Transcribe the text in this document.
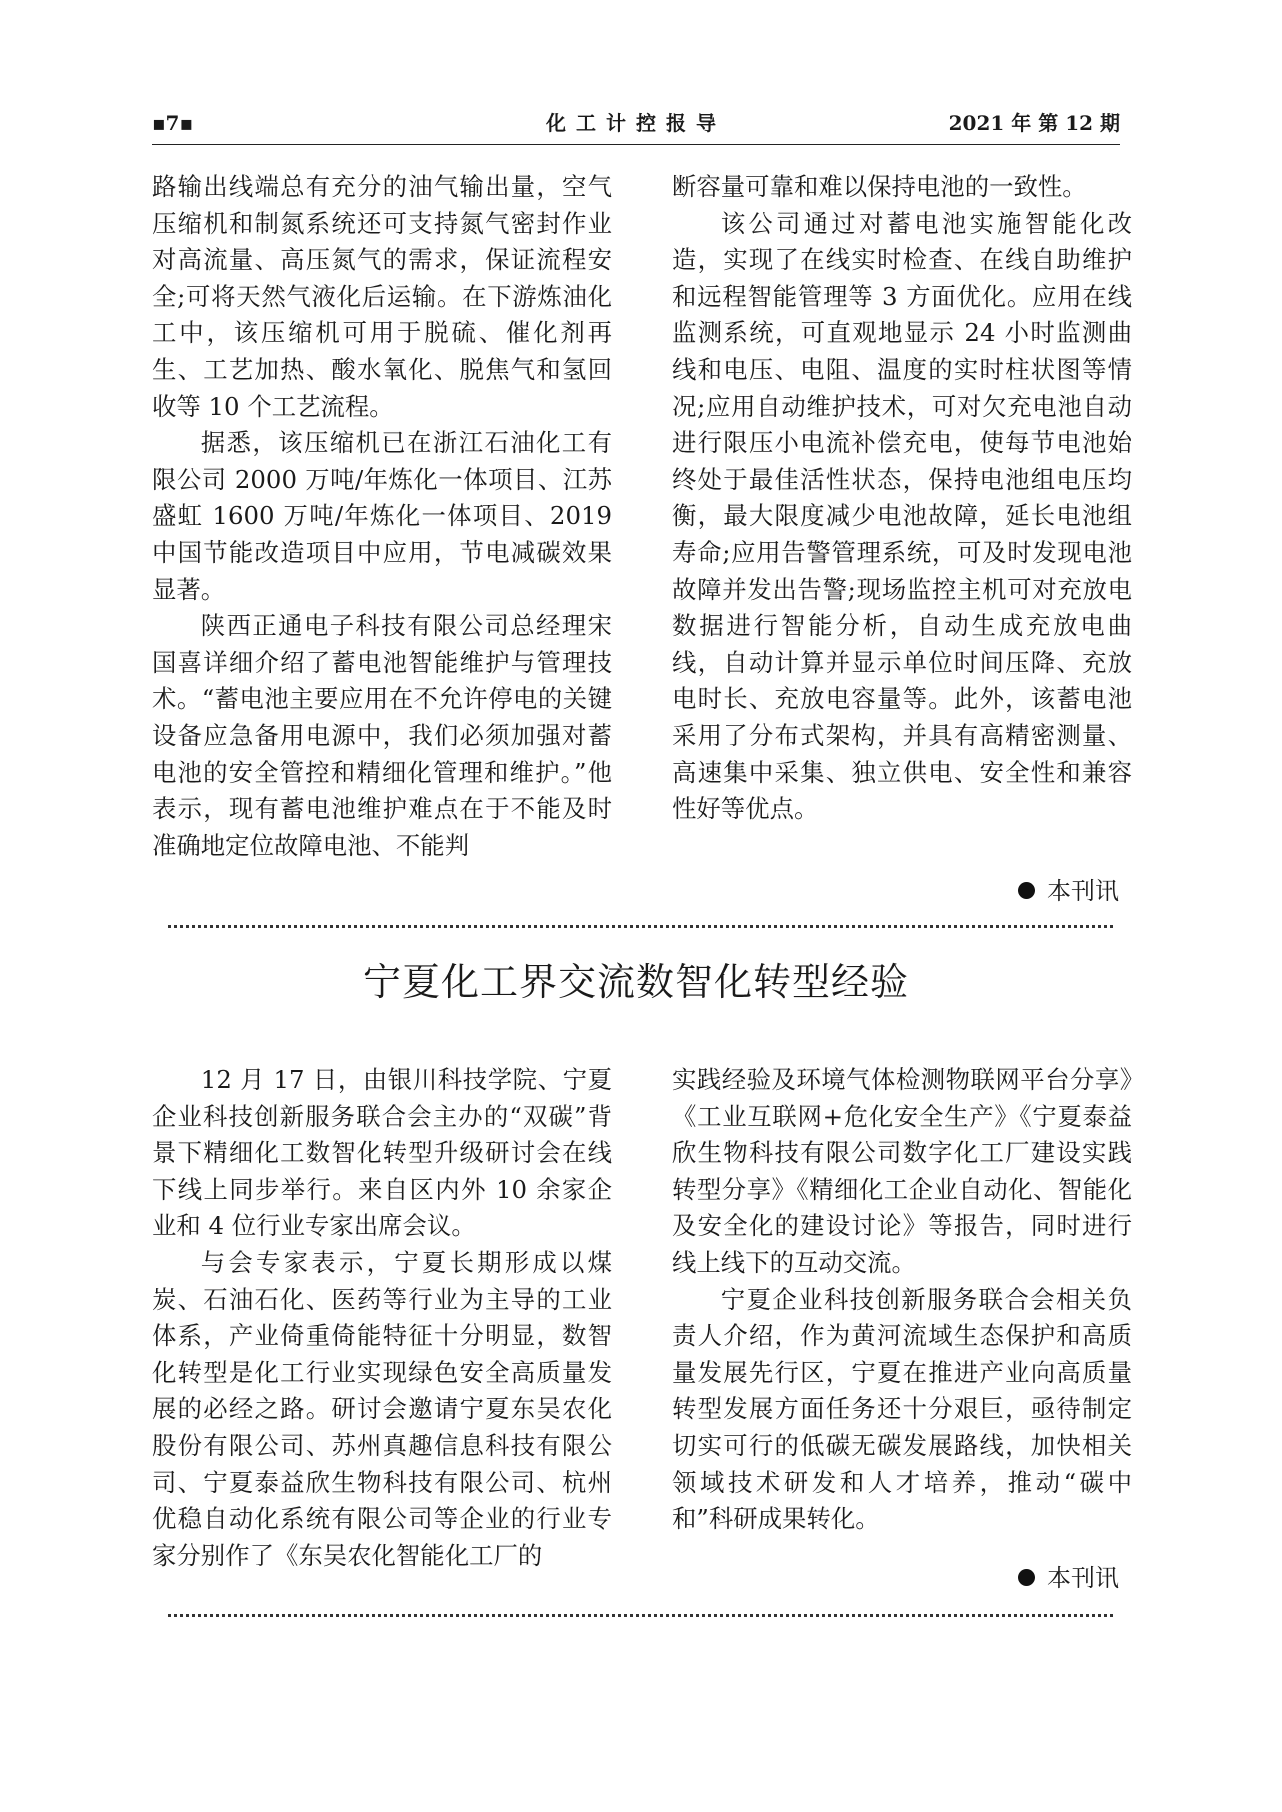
▪7▪	化工计控报导	2021 年 第 12 期

路输出线端总有充分的油气输出量，空气压缩机和制氮系统还可支持氮气密封作业对高流量、高压氮气的需求，保证流程安全;可将天然气液化后运输。在下游炼油化工中，该压缩机可用于脱硫、催化剂再生、工艺加热、酸水氧化、脱焦气和氢回收等 10 个工艺流程。

据悉，该压缩机已在浙江石油化工有限公司 2000 万吨/年炼化一体项目、江苏盛虹 1600 万吨/年炼化一体项目、2019 中国节能改造项目中应用，节电减碳效果显著。

陕西正通电子科技有限公司总经理宋国喜详细介绍了蓄电池智能维护与管理技术。“蓄电池主要应用在不允许停电的关键设备应急备用电源中，我们必须加强对蓄电池的安全管控和精细化管理和维护。”他表示，现有蓄电池维护难点在于不能及时准确地定位故障电池、不能判

断容量可靠和难以保持电池的一致性。

该公司通过对蓄电池实施智能化改造，实现了在线实时检查、在线自助维护和远程智能管理等 3 方面优化。应用在线监测系统，可直观地显示 24 小时监测曲线和电压、电阻、温度的实时柱状图等情况;应用自动维护技术，可对欠充电池自动进行限压小电流补偿充电，使每节电池始终处于最佳活性状态，保持电池组电压均衡，最大限度减少电池故障，延长电池组寿命;应用告警管理系统，可及时发现电池故障并发出告警;现场监控主机可对充放电数据进行智能分析，自动生成充放电曲线，自动计算并显示单位时间压降、充放电时长、充放电容量等。此外，该蓄电池采用了分布式架构，并具有高精密测量、高速集中采集、独立供电、安全性和兼容性好等优点。

本刊讯
宁夏化工界交流数智化转型经验

12 月 17 日，由银川科技学院、宁夏企业科技创新服务联合会主办的“双碳”背景下精细化工数智化转型升级研讨会在线下线上同步举行。来自区内外 10 余家企业和 4 位行业专家出席会议。

与会专家表示，宁夏长期形成以煤炭、石油石化、医药等行业为主导的工业体系，产业倚重倚能特征十分明显，数智化转型是化工行业实现绿色安全高质量发展的必经之路。研讨会邀请宁夏东吴农化股份有限公司、苏州真趣信息科技有限公司、宁夏泰益欣生物科技有限公司、杭州优稳自动化系统有限公司等企业的行业专家分别作了《东吴农化智能化工厂的

实践经验及环境气体检测物联网平台分享》《工业互联网+危化安全生产》《宁夏泰益欣生物科技有限公司数字化工厂建设实践转型分享》《精细化工企业自动化、智能化及安全化的建设讨论》等报告，同时进行线上线下的互动交流。

宁夏企业科技创新服务联合会相关负责人介绍，作为黄河流域生态保护和高质量发展先行区，宁夏在推进产业向高质量转型发展方面任务还十分艰巨，亟待制定切实可行的低碳无碳发展路线，加快相关领域技术研发和人才培养，推动“碳中和”科研成果转化。

本刊讯
